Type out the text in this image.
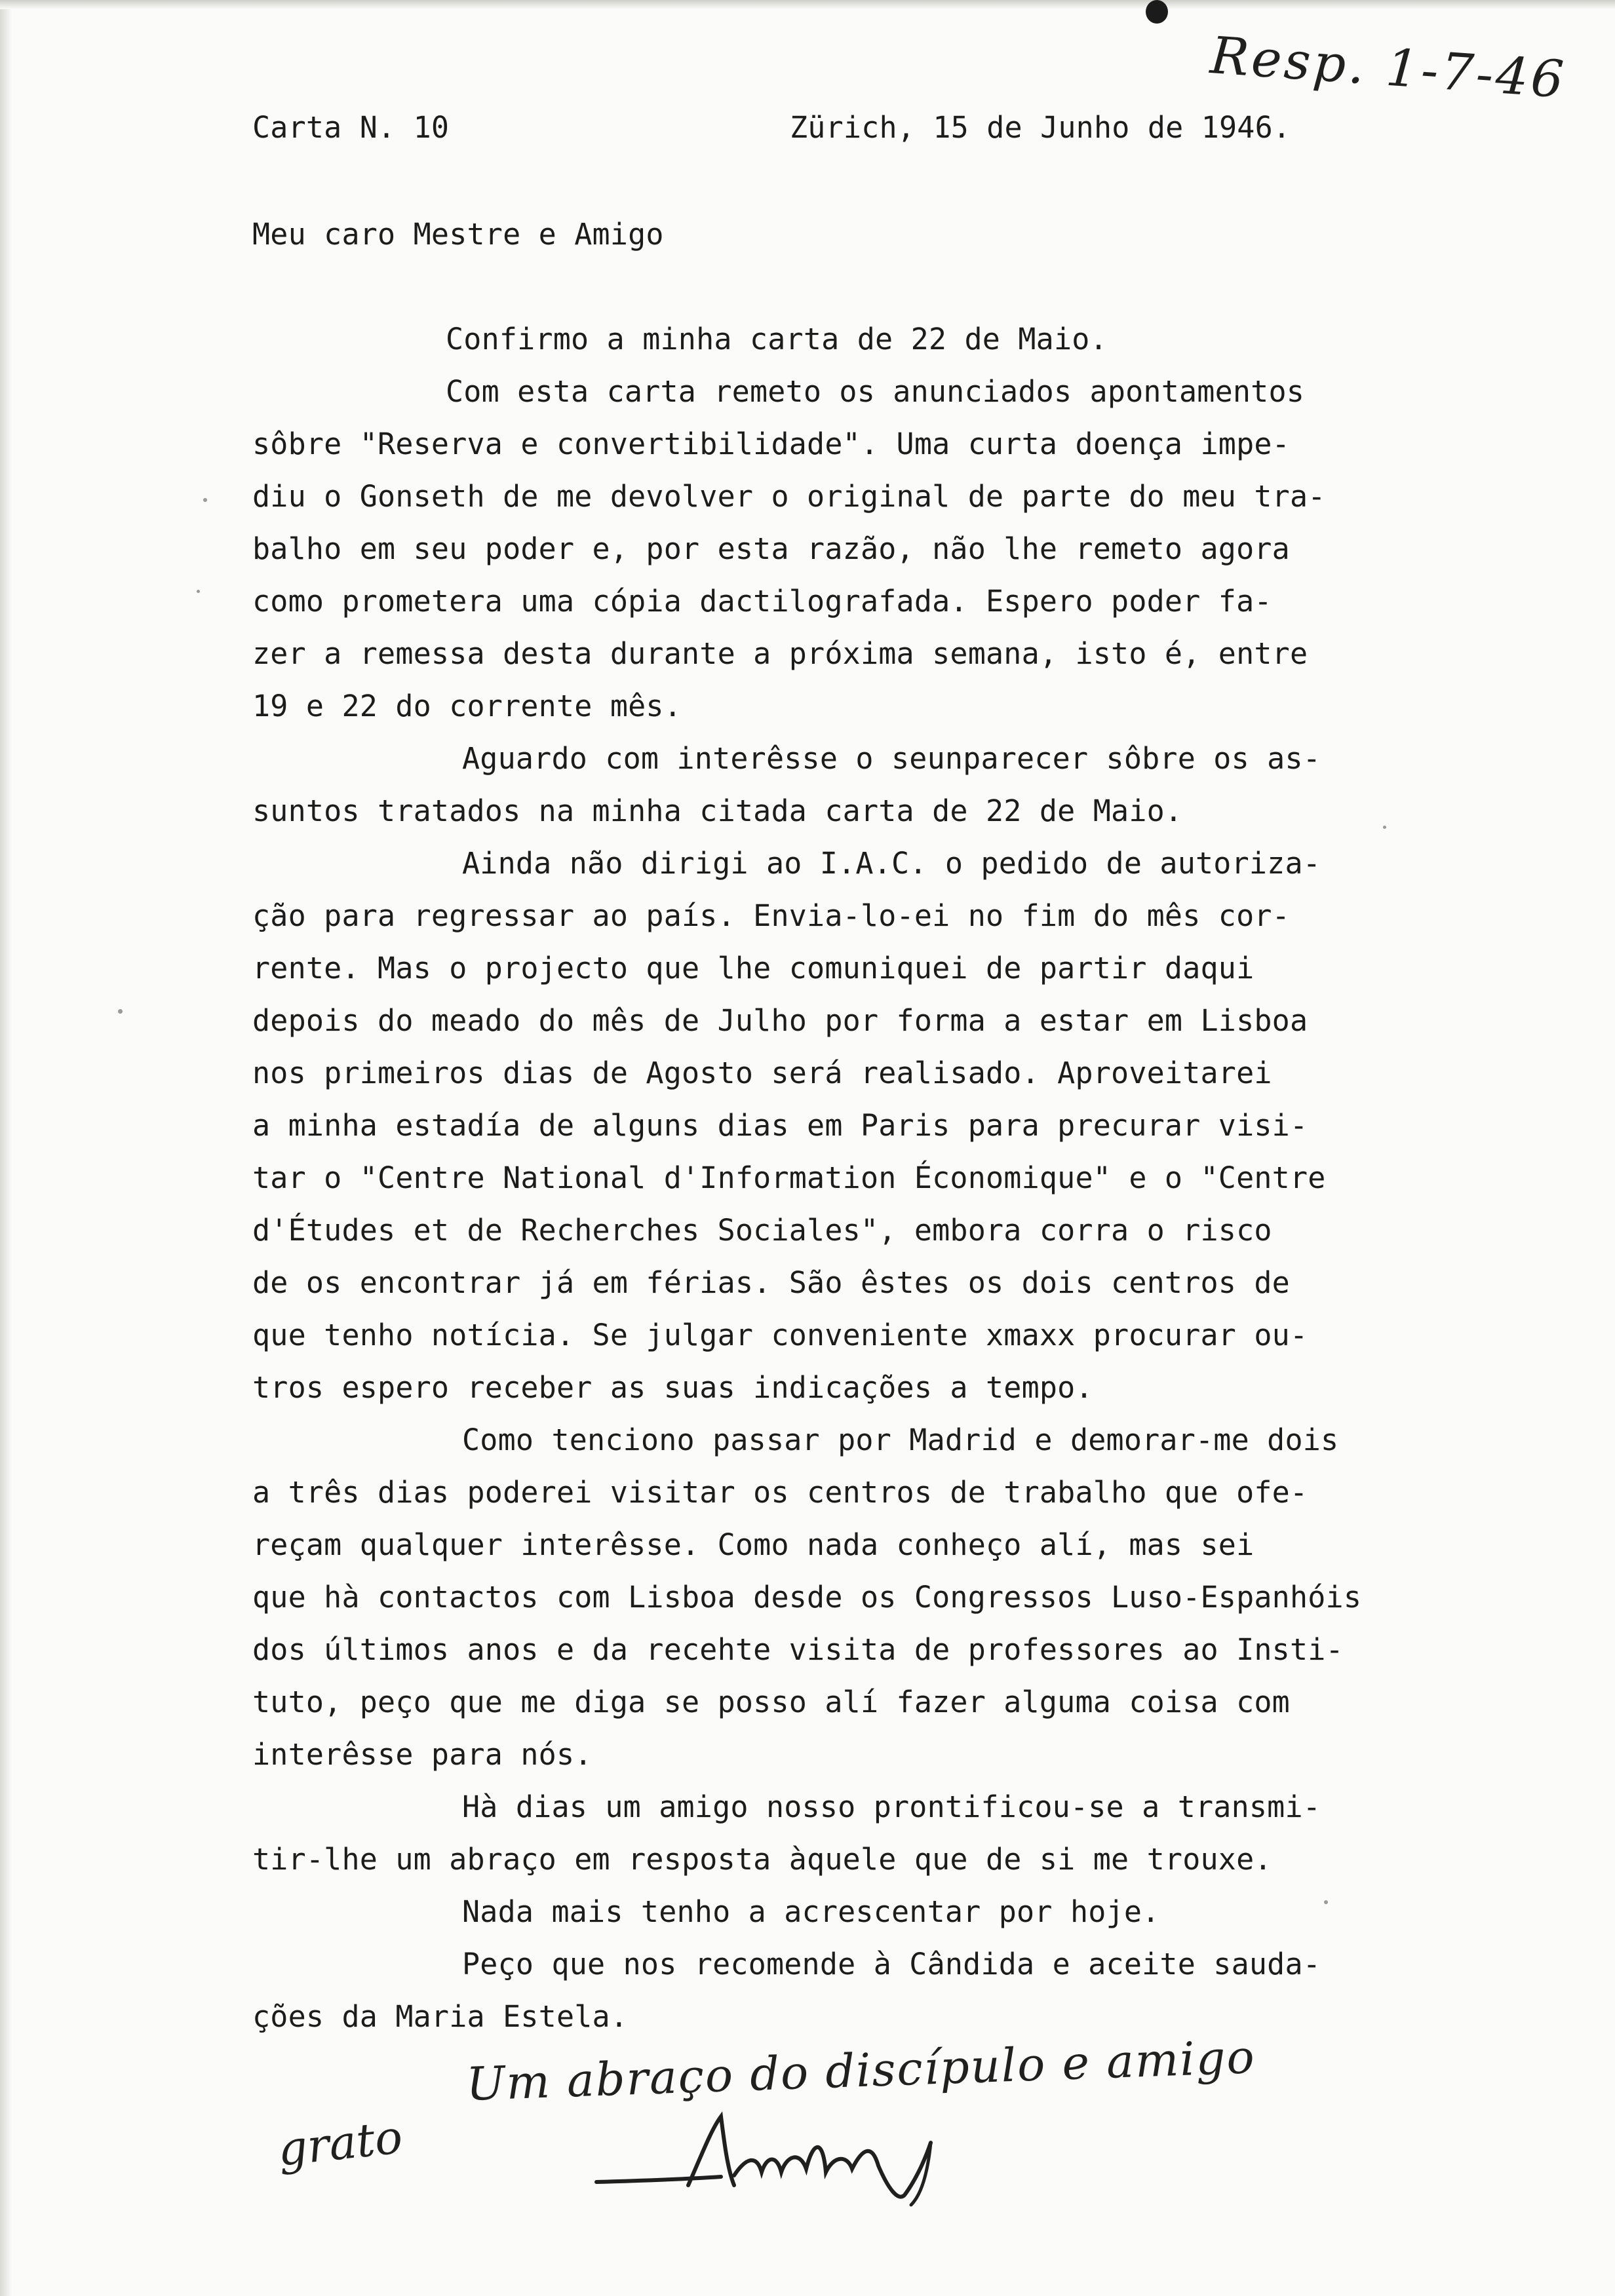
Resp. 1-7-46

Carta N. 10	Zürich, 15 de Junho de 1946.

Meu caro Mestre e Amigo

Confirmo a minha carta de 22 de Maio.

Com esta carta remeto os anunciados apontamentos

sôbre "Reserva e convertibilidade". Uma curta doença impe-

diu o Gonseth de me devolver o original de parte do meu tra-

balho em seu poder e, por esta razão, não lhe remeto agora

como prometera uma cópia dactilografada. Espero poder fa-

zer a remessa desta durante a próxima semana, isto é, entre

19 e 22 do corrente mês.

Aguardo com interêsse o seunparecer sôbre os as-

suntos tratados na minha citada carta de 22 de Maio.

Ainda não dirigi ao I.A.C. o pedido de autoriza-

ção para regressar ao país. Envia-lo-ei no fim do mês cor-

rente. Mas o projecto que lhe comuniquei de partir daqui

depois do meado do mês de Julho por forma a estar em Lisboa

nos primeiros dias de Agosto será realisado. Aproveitarei

a minha estadía de alguns dias em Paris para precurar visi-

tar o "Centre National d'Information Économique" e o "Centre

d'Études et de Recherches Sociales", embora corra o risco

de os encontrar já em férias. São êstes os dois centros de

que tenho notícia. Se julgar conveniente xmaxx procurar ou-

tros espero receber as suas indicações a tempo.

Como tenciono passar por Madrid e demorar-me dois

a três dias poderei visitar os centros de trabalho que ofe-

reçam qualquer interêsse. Como nada conheço alí, mas sei

que hà contactos com Lisboa desde os Congressos Luso-Espanhóis

dos últimos anos e da recehte visita de professores ao Insti-

tuto, peço que me diga se posso alí fazer alguma coisa com

interêsse para nós.

Hà dias um amigo nosso prontificou-se a transmi-

tir-lhe um abraço em resposta àquele que de si me trouxe.

Nada mais tenho a acrescentar por hoje.

Peço que nos recomende à Cândida e aceite sauda-

ções da Maria Estela.

Um abraço do discípulo e amigo
grato
